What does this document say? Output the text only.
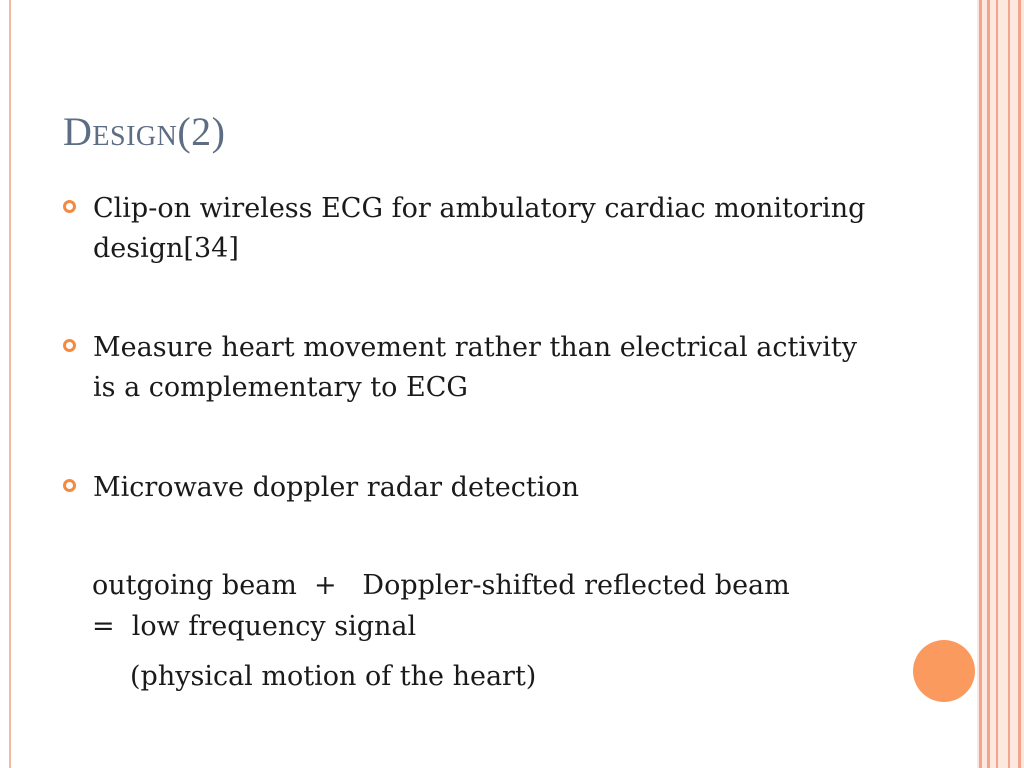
Design(2)
Clip-on wireless ECG for ambulatory cardiac monitoring design[34]
Measure heart movement rather than electrical activity is a complementary to ECG
Microwave doppler radar detection
outgoing beam  +   Doppler-shifted reflected beam
=  low frequency signal
(physical motion of the heart)
